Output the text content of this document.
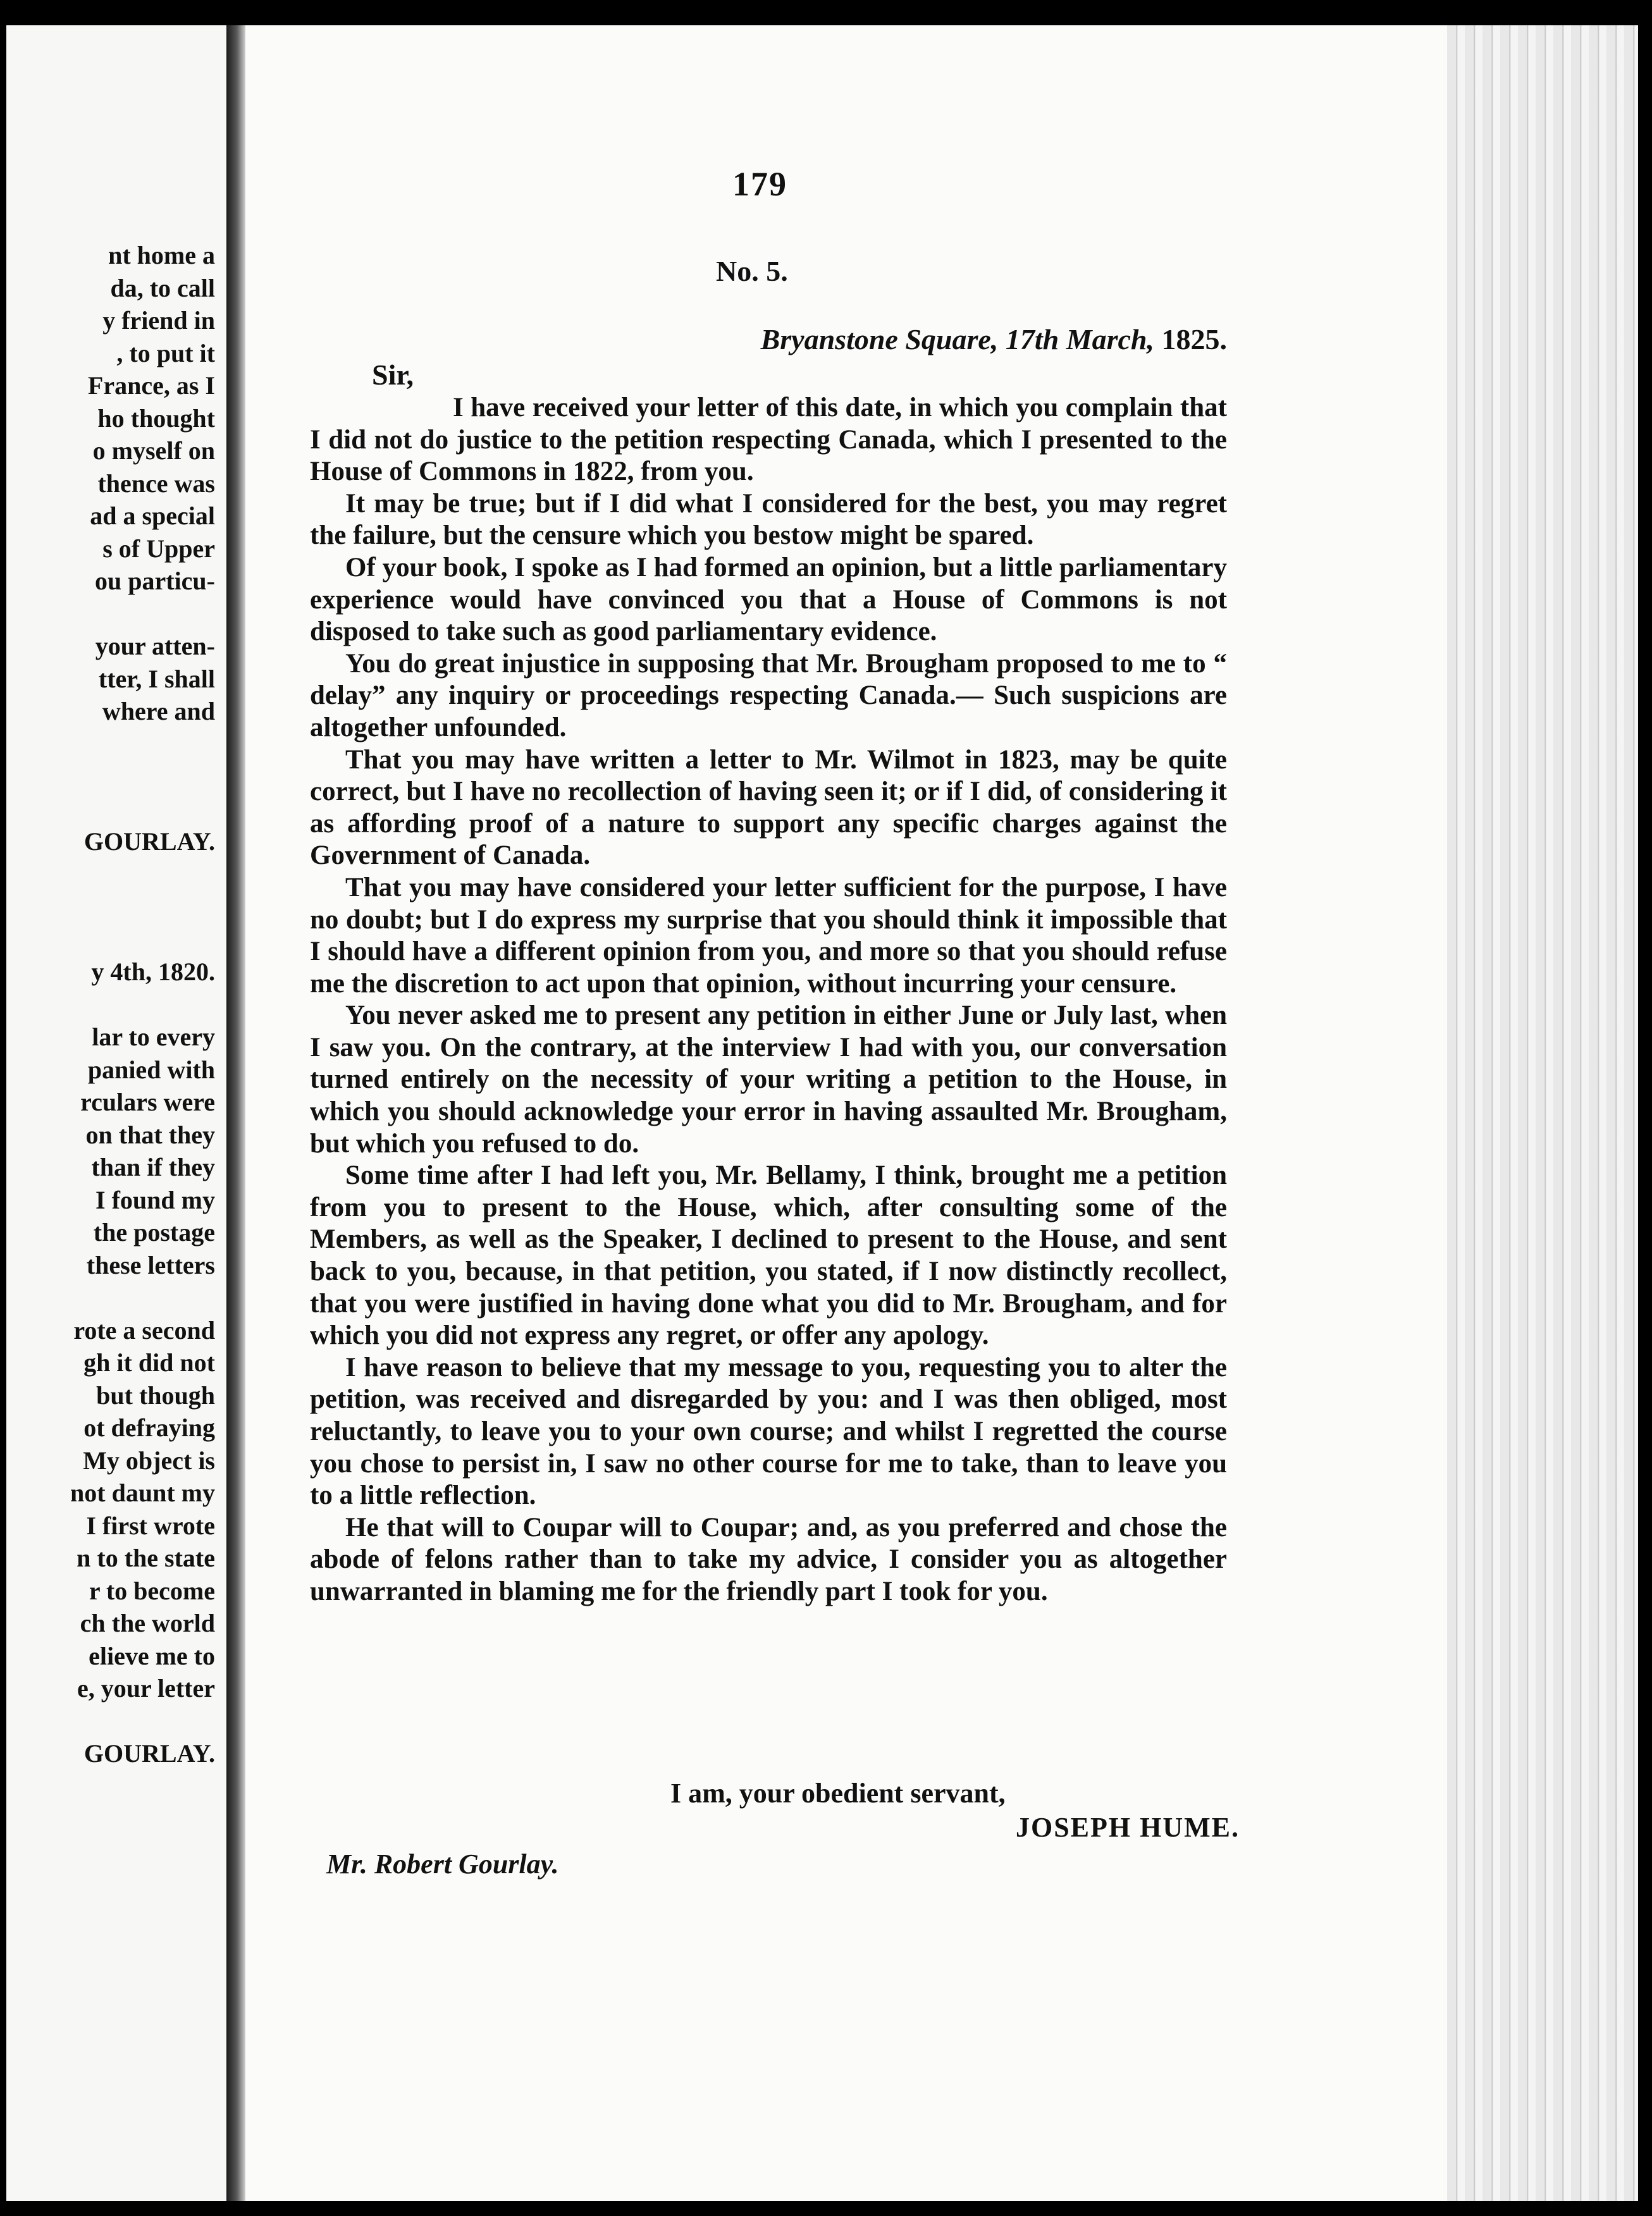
nt home a
da, to call
y friend in
, to put it
France, as I
ho thought
o myself on
thence was
ad a special
s of Upper
ou particu-
your atten-
tter, I shall
where and
GOURLAY.
y 4th, 1820.
lar to every
panied with
rculars were
on that they
than if they
I found my
the postage
these letters
rote a second
gh it did not
but though
ot defraying
My object is
not daunt my
I first wrote
n to the state
r to become
ch the world
elieve me to
e, your letter
GOURLAY.
179
No. 5.
Bryanstone Square, 17th March, 1825.
Sir,

I have received your letter of this date, in which you complain that I did not do justice to the petition respecting Canada, which I presented to the House of Commons in 1822, from you.

It may be true; but if I did what I considered for the best, you may regret the failure, but the censure which you bestow might be spared.

Of your book, I spoke as I had formed an opinion, but a little parliamentary experience would have convinced you that a House of Commons is not disposed to take such as good parliamentary evidence.

You do great injustice in supposing that Mr. Brougham proposed to me to “ delay” any inquiry or proceedings respecting Canada.— Such suspicions are altogether unfounded.

That you may have written a letter to Mr. Wilmot in 1823, may be quite correct, but I have no recollection of having seen it; or if I did, of considering it as affording proof of a nature to support any specific charges against the Government of Canada.

That you may have considered your letter sufficient for the purpose, I have no doubt; but I do express my surprise that you should think it impossible that I should have a different opinion from you, and more so that you should refuse me the discretion to act upon that opinion, without incurring your censure.

You never asked me to present any petition in either June or July last, when I saw you. On the contrary, at the interview I had with you, our conversation turned entirely on the necessity of your writing a petition to the House, in which you should acknowledge your error in having assaulted Mr. Brougham, but which you refused to do.

Some time after I had left you, Mr. Bellamy, I think, brought me a petition from you to present to the House, which, after consulting some of the Members, as well as the Speaker, I declined to present to the House, and sent back to you, because, in that petition, you stated, if I now distinctly recollect, that you were justified in having done what you did to Mr. Brougham, and for which you did not express any regret, or offer any apology.

I have reason to believe that my message to you, requesting you to alter the petition, was received and disregarded by you: and I was then obliged, most reluctantly, to leave you to your own course; and whilst I regretted the course you chose to persist in, I saw no other course for me to take, than to leave you to a little reflection.

He that will to Coupar will to Coupar; and, as you preferred and chose the abode of felons rather than to take my advice, I consider you as altogether unwarranted in blaming me for the friendly part I took for you.

I am, your obedient servant,
JOSEPH HUME.
Mr. Robert Gourlay.
